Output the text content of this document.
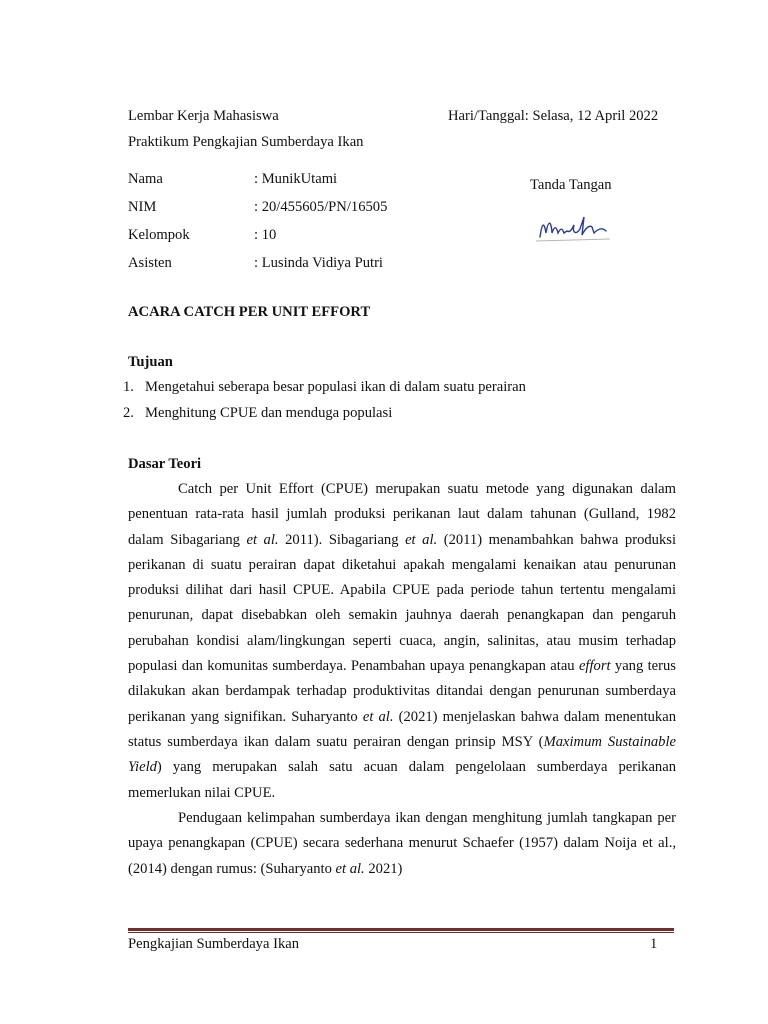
Lembar Kerja Mahasiswa	Hari/Tanggal: Selasa, 12 April 2022
Praktikum Pengkajian Sumberdaya Ikan
Nama	: MunikUtami
NIM	: 20/455605/PN/16505
Kelompok	: 10
Asisten	: Lusinda Vidiya Putri
Tanda Tangan
ACARA CATCH PER UNIT EFFORT
Tujuan
1. Mengetahui seberapa besar populasi ikan di dalam suatu perairan
2. Menghitung CPUE dan menduga populasi
Dasar Teori
Catch per Unit Effort (CPUE) merupakan suatu metode yang digunakan dalam penentuan rata-rata hasil jumlah produksi perikanan laut dalam tahunan (Gulland, 1982 dalam Sibagariang et al. 2011). Sibagariang et al. (2011) menambahkan bahwa produksi perikanan di suatu perairan dapat diketahui apakah mengalami kenaikan atau penurunan produksi dilihat dari hasil CPUE. Apabila CPUE pada periode tahun tertentu mengalami penurunan, dapat disebabkan oleh semakin jauhnya daerah penangkapan dan pengaruh perubahan kondisi alam/lingkungan seperti cuaca, angin, salinitas, atau musim terhadap populasi dan komunitas sumberdaya. Penambahan upaya penangkapan atau effort yang terus dilakukan akan berdampak terhadap produktivitas ditandai dengan penurunan sumberdaya perikanan yang signifikan. Suharyanto et al. (2021) menjelaskan bahwa dalam menentukan status sumberdaya ikan dalam suatu perairan dengan prinsip MSY (Maximum Sustainable Yield) yang merupakan salah satu acuan dalam pengelolaan sumberdaya perikanan memerlukan nilai CPUE.
Pendugaan kelimpahan sumberdaya ikan dengan menghitung jumlah tangkapan per upaya penangkapan (CPUE) secara sederhana menurut Schaefer (1957) dalam Noija et al., (2014) dengan rumus: (Suharyanto et al. 2021)
Pengkajian Sumberdaya Ikan	1
